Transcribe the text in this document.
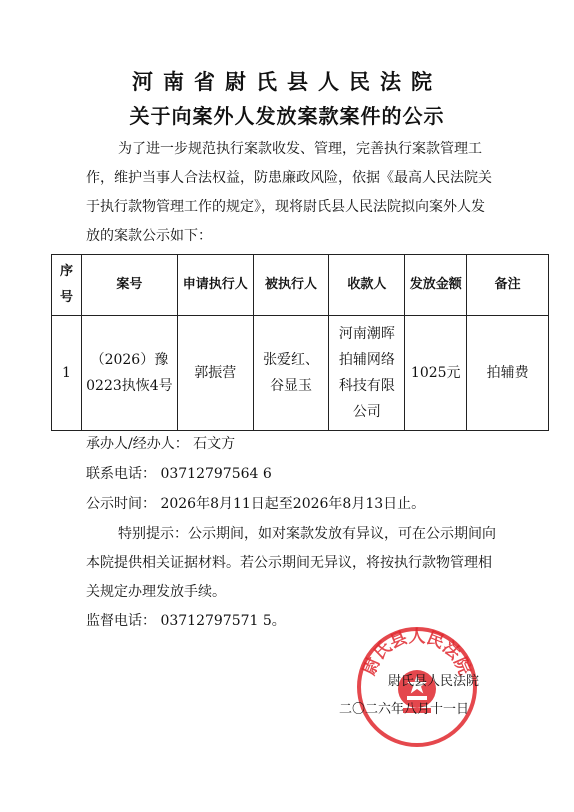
河南省尉氏县人民法院
关于向案外人发放案款案件的公示
为了进一步规范执行案款收发、管理，完善执行案款管理工作，维护当事人合法权益，防患廉政风险，依据《最高人民法院关于执行款物管理工作的规定》，现将尉氏县人民法院拟向案外人发放的案款公示如下：
序号	案号	申请执行人	被执行人	收款人	发放金额	备注
1	（2026）豫0223执恢4号	郭振营	张爱红、谷显玉	河南潮晖拍辅网络科技有限公司	1025元	拍辅费
承办人/经办人： 石文方
联系电话： 03712797564 6
公示时间： 2026年8月11日起至2026年8月13日止。
特别提示：公示期间，如对案款发放有异议，可在公示期间向本院提供相关证据材料。若公示期间无异议，将按执行款物管理相关规定办理发放手续。
监督电话： 03712797571 5。
尉氏县人民法院
尉氏县人民法院
二〇二六年八月十一日
